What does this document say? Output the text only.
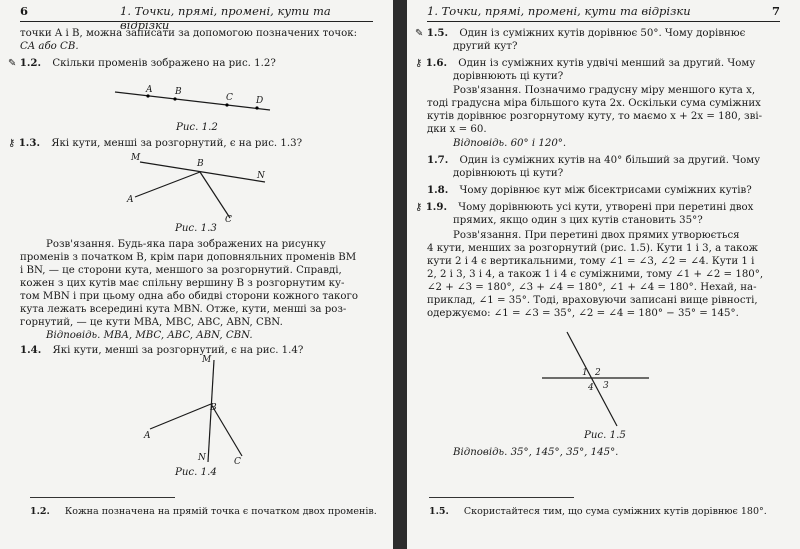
6	1. Точки, прямі, промені, кути та відрізки
точки A і B, можна записати за допомогою позначених точок:
CA або CB.
✎ 1.2. Скільки променів зображено на рис. 1.2?
A	B
C	D
Рис. 1.2
⚷ 1.3. Які кути, менші за розгорнутий, є на рис. 1.3?
M
B
N
A
C
Рис. 1.3
Розв'язання. Будь-яка пара зображених на рисунку
променів з початком B, крім пари доповняльних променів BM
і BN, — це сторони кута, меншого за розгорнутий. Справді,
кожен з цих кутів має спільну вершину B з розгорнутим ку-
том MBN і при цьому одна або обидві сторони кожного такого
кута лежать всередині кута MBN. Отже, кути, менші за роз-
горнутий, — це кути MBA, MBC, ABC, ABN, CBN.
Відповідь. MBA, MBC, ABC, ABN, CBN.
1.4. Які кути, менші за розгорнутий, є на рис. 1.4?
M
B
A
N	C
Рис. 1.4
1.2. Кожна позначена на прямій точка є початком двох променів.
1. Точки, прямі, промені, кути та відрізки	7
✎ 1.5. Один із суміжних кутів дорівнює 50°. Чому дорівнює
другий кут?
⚷ 1.6. Один із суміжних кутів удвічі менший за другий. Чому
дорівнюють ці кути?
Розв'язання. Позначимо градусну міру меншого кута x,
тоді градусна міра більшого кута 2x. Оскільки сума суміжних
кутів дорівнює розгорнутому куту, то маємо x + 2x = 180, зві-
дки x = 60.
Відповідь. 60° і 120°.
1.7. Один із суміжних кутів на 40° більший за другий. Чому
дорівнюють ці кути?
1.8. Чому дорівнює кут між бісектрисами суміжних кутів?
⚷ 1.9. Чому дорівнюють усі кути, утворені при перетині двох
прямих, якщо один з цих кутів становить 35°?
Розв'язання. При перетині двох прямих утворюється
4 кути, менших за розгорнутий (рис. 1.5). Кути 1 і 3, а також
кути 2 і 4 є вертикальними, тому ∠1 = ∠3, ∠2 = ∠4. Кути 1 і
2, 2 і 3, 3 і 4, а також 1 і 4 є суміжними, тому ∠1 + ∠2 = 180°,
∠2 + ∠3 = 180°, ∠3 + ∠4 = 180°, ∠1 + ∠4 = 180°. Нехай, на-
приклад, ∠1 = 35°. Тоді, враховуючи записані вище рівності,
одержуємо: ∠1 = ∠3 = 35°, ∠2 = ∠4 = 180° − 35° = 145°.
1 2
4 3
Рис. 1.5
Відповідь. 35°, 145°, 35°, 145°.
1.5. Скористайтеся тим, що сума суміжних кутів дорівнює 180°.
